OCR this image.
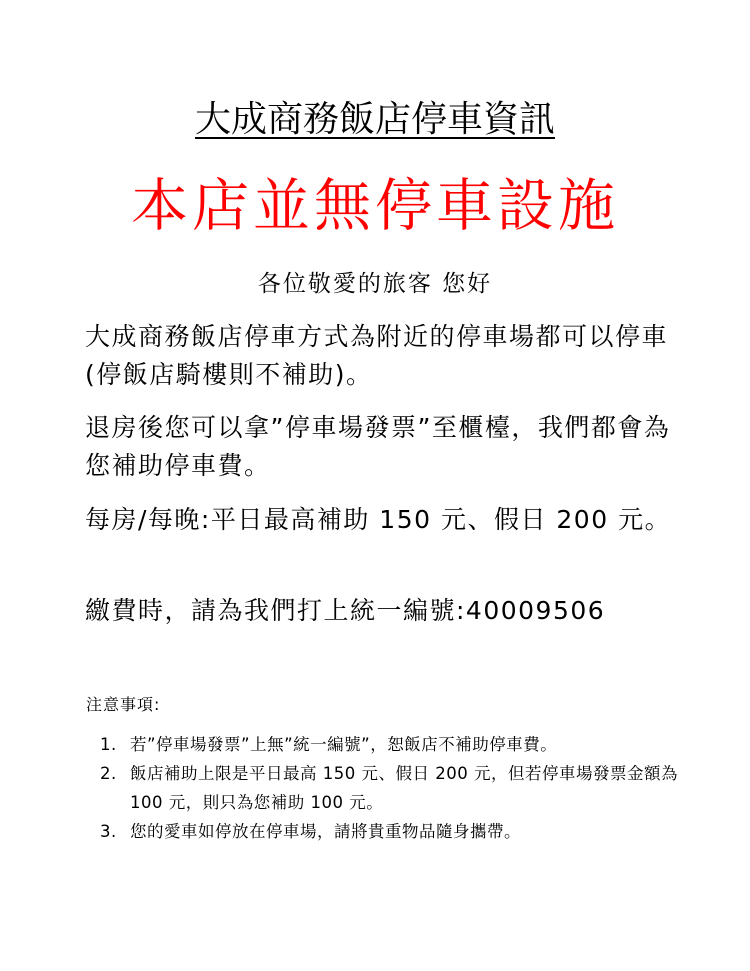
大成商務飯店停車資訊
本店並無停車設施
各位敬愛的旅客 您好
大成商務飯店停車方式為附近的停車場都可以停車(停飯店騎樓則不補助)。
退房後您可以拿”停車場發票”至櫃檯，我們都會為您補助停車費。
每房/每晚:平日最高補助 150 元、假日 200 元。
繳費時，請為我們打上統一編號:40009506
注意事項:
1. 若”停車場發票”上無”統一編號”，恕飯店不補助停車費。
2. 飯店補助上限是平日最高 150 元、假日 200 元，但若停車場發票金額為 100 元，則只為您補助 100 元。
3. 您的愛車如停放在停車場，請將貴重物品隨身攜帶。
